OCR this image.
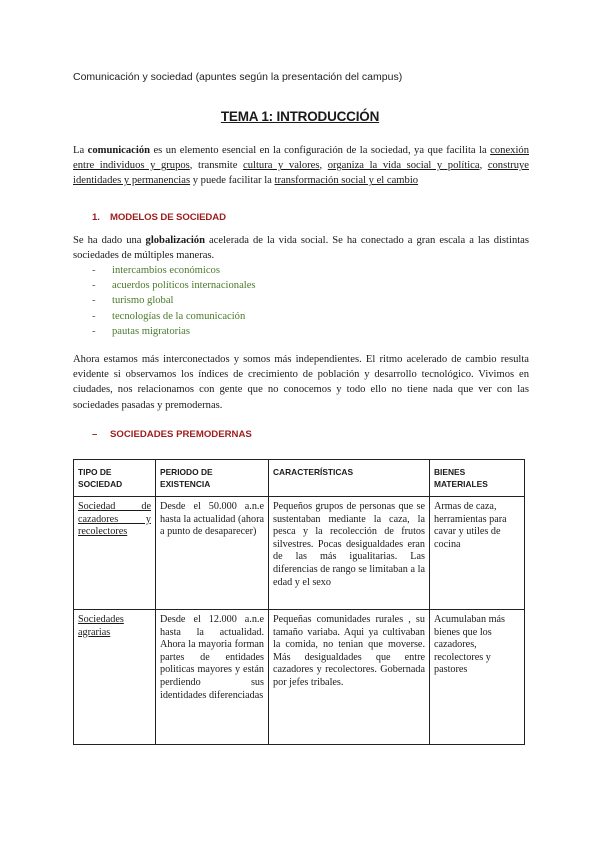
Comunicación y sociedad (apuntes según la presentación del campus)
TEMA 1: INTRODUCCIÓN

La comunicación es un elemento esencial en la configuración de la sociedad, ya que facilita la conexión entre individuos y grupos, transmite cultura y valores, organiza la vida social y política, construye identidades y permanencias y puede facilitar la transformación social y el cambio

1. MODELOS DE SOCIEDAD

Se ha dado una globalización acelerada de la vida social. Se ha conectado a gran escala a las distintas sociedades de múltiples maneras.

- intercambios económicos
- acuerdos políticos internacionales
- turismo global
- tecnologías de la comunicación
- pautas migratorias

Ahora estamos más interconectados y somos más independientes. El ritmo acelerado de cambio resulta evidente si observamos los índices de crecimiento de población y desarrollo tecnológico. Vivimos en ciudades, nos relacionamos con gente que no conocemos y todo ello no tiene nada que ver con las sociedades pasadas y premodernas.

– SOCIEDADES PREMODERNAS
TIPO DE SOCIEDAD	PERIODO DE EXISTENCIA	CARACTERÍSTICAS	BIENES MATERIALES
Sociedad de cazadores y recolectores	Desde el 50.000 a.n.e hasta la actualidad (ahora a punto de desaparecer)	Pequeños grupos de personas que se sustentaban mediante la caza, la pesca y la recolección de frutos silvestres. Pocas desigualdades eran de las más igualitarias. Las diferencias de rango se limitaban a la edad y el sexo	Armas de caza, herramientas para cavar y utiles de cocina
Sociedades agrarias	Desde el 12.000 a.n.e hasta la actualidad. Ahora la mayoria forman partes de entidades politicas mayores y están perdiendo sus identidades diferenciadas	Pequeñas comunidades rurales , su tamaño variaba. Aqui ya cultivaban la comida, no tenian que moverse. Más desigualdades que entre cazadores y recolectores. Gobernada por jefes tribales.	Acumulaban más bienes que los cazadores, recolectores y pastores
